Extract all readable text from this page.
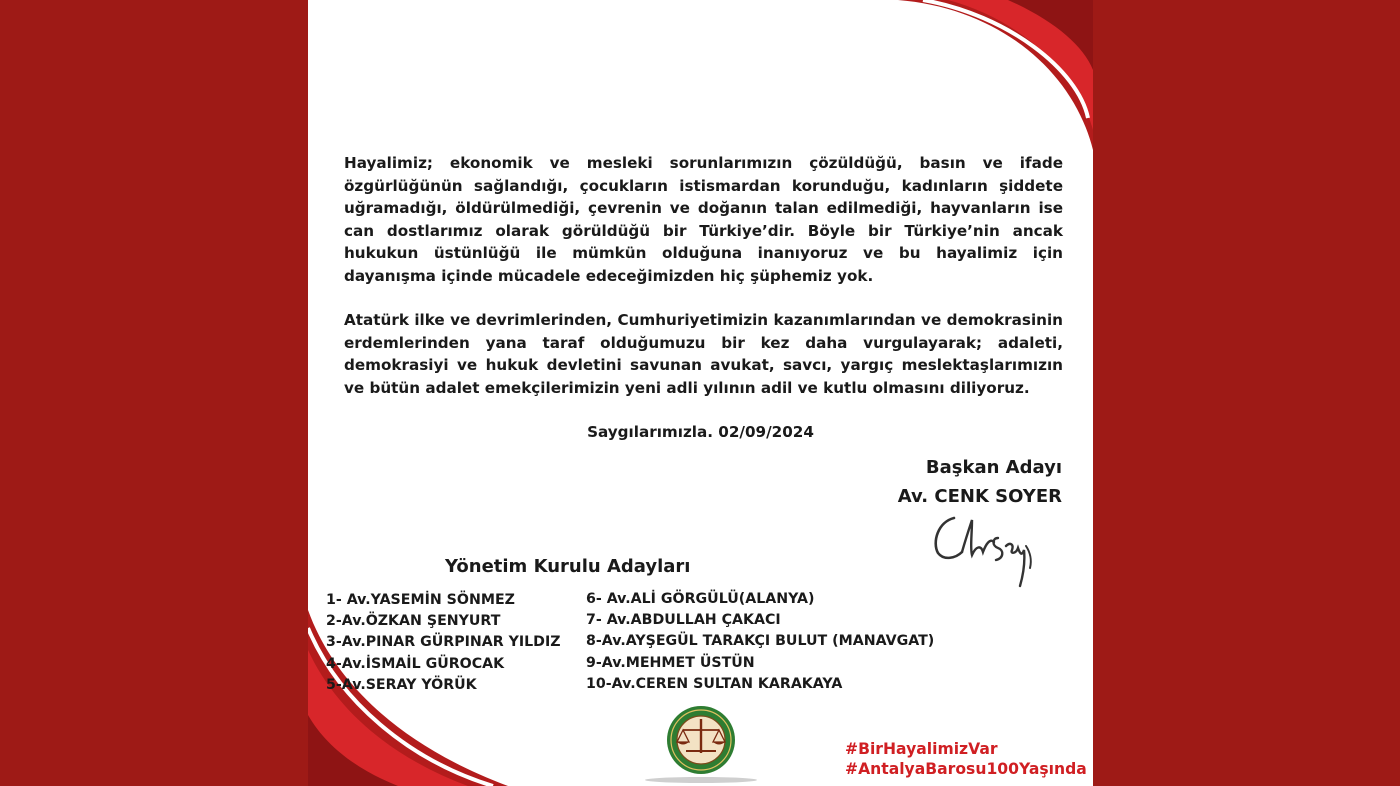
Hayalimiz; ekonomik ve mesleki sorunlarımızın çözüldüğü, basın ve ifade özgürlüğünün sağlandığı, çocukların istismardan korunduğu, kadınların şiddete uğramadığı, öldürülmediği, çevrenin ve doğanın talan edilmediği, hayvanların ise can dostlarımız olarak görüldüğü bir Türkiye’dir. Böyle bir Türkiye’nin ancak hukukun üstünlüğü ile mümkün olduğuna inanıyoruz ve bu hayalimiz için dayanışma içinde mücadele edeceğimizden hiç şüphemiz yok.

Atatürk ilke ve devrimlerinden, Cumhuriyetimizin kazanımlarından ve demokrasinin erdemlerinden yana taraf olduğumuzu bir kez daha vurgulayarak; adaleti, demokrasiyi ve hukuk devletini savunan avukat, savcı, yargıç meslektaşlarımızın ve bütün adalet emekçilerimizin yeni adli yılının adil ve kutlu olmasını diliyoruz.

Saygılarımızla. 02/09/2024
Başkan Adayı
Av. CENK SOYER
Yönetim Kurulu Adayları
1- Av.YASEMİN SÖNMEZ
2-Av.ÖZKAN ŞENYURT
3-Av.PINAR GÜRPINAR YILDIZ
4-Av.İSMAİL GÜROCAK
5-Av.SERAY YÖRÜK
6- Av.ALİ GÖRGÜLÜ(ALANYA)
7- Av.ABDULLAH ÇAKACI
8-Av.AYŞEGÜL TARAKÇI BULUT (MANAVGAT)
9-Av.MEHMET ÜSTÜN
10-Av.CEREN SULTAN KARAKAYA
#BirHayalimizVar
#AntalyaBarosu100Yaşında
